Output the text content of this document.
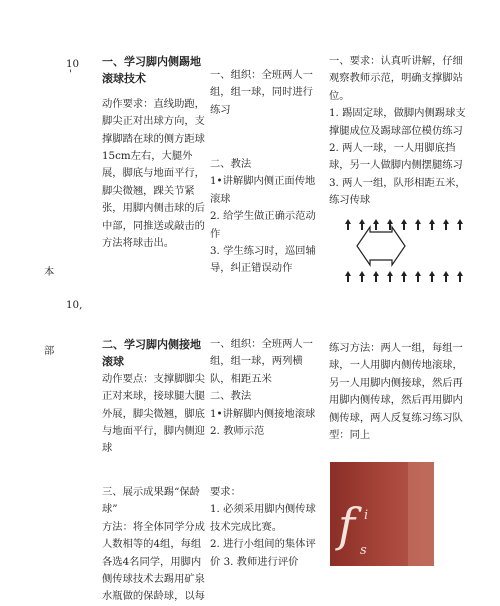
10
'
本
10,
部

一、学习脚内侧踢地滚球技术

动作要求：直线助跑，脚尖正对出球方向，支撑脚踏在球的侧方距球15cm左右，大腿外展，脚底与地面平行，脚尖微翘，踝关节紧张，用脚内侧击球的后中部，同推送或敲击的方法将球击出。

一、组织：全班两人一组，组一球，同时进行练习

二、教法

1•讲解脚内侧正面传地滚球

2. 给学生做正确示范动作

3. 学生练习时，巡回辅导，纠正错误动作

一、要求：认真听讲解，仔细观察教师示范，明确支撑脚站位。

1. 踢固定球，做脚内侧踢球支撑腿成位及踢球部位模仿练习

2. 两人一球，一人用脚底挡球，另一人做脚内侧摆腿练习

3. 两人一组，队形相距五米，练习传球

二、学习脚内侧接地滚球

动作要点：支撑脚脚尖正对来球，接球腿大腿外展，脚尖微翘，脚底与地面平行，脚内侧迎球

一、组织：全班两人一组，组一球，两列横队，相距五米

二、教法

1•讲解脚内侧接地滚球

2. 教师示范

练习方法：两人一组，每组一球，一人用脚内侧传地滚球，另一人用脚内侧接球，然后再用脚内侧传球，然后再用脚内侧传球，两人反复练习练习队型：同上

三、展示成果踢“保龄球”

方法：将全体同学分成人数相等的4组，每组各选4名同学，用脚内侧传球技术去踢用矿泉水瓶做的保龄球，以每

要求：

1. 必须采用脚内侧传球技术完成比赛。

2. 进行小组间的集体评价 3. 教师进行评价

f i
s
